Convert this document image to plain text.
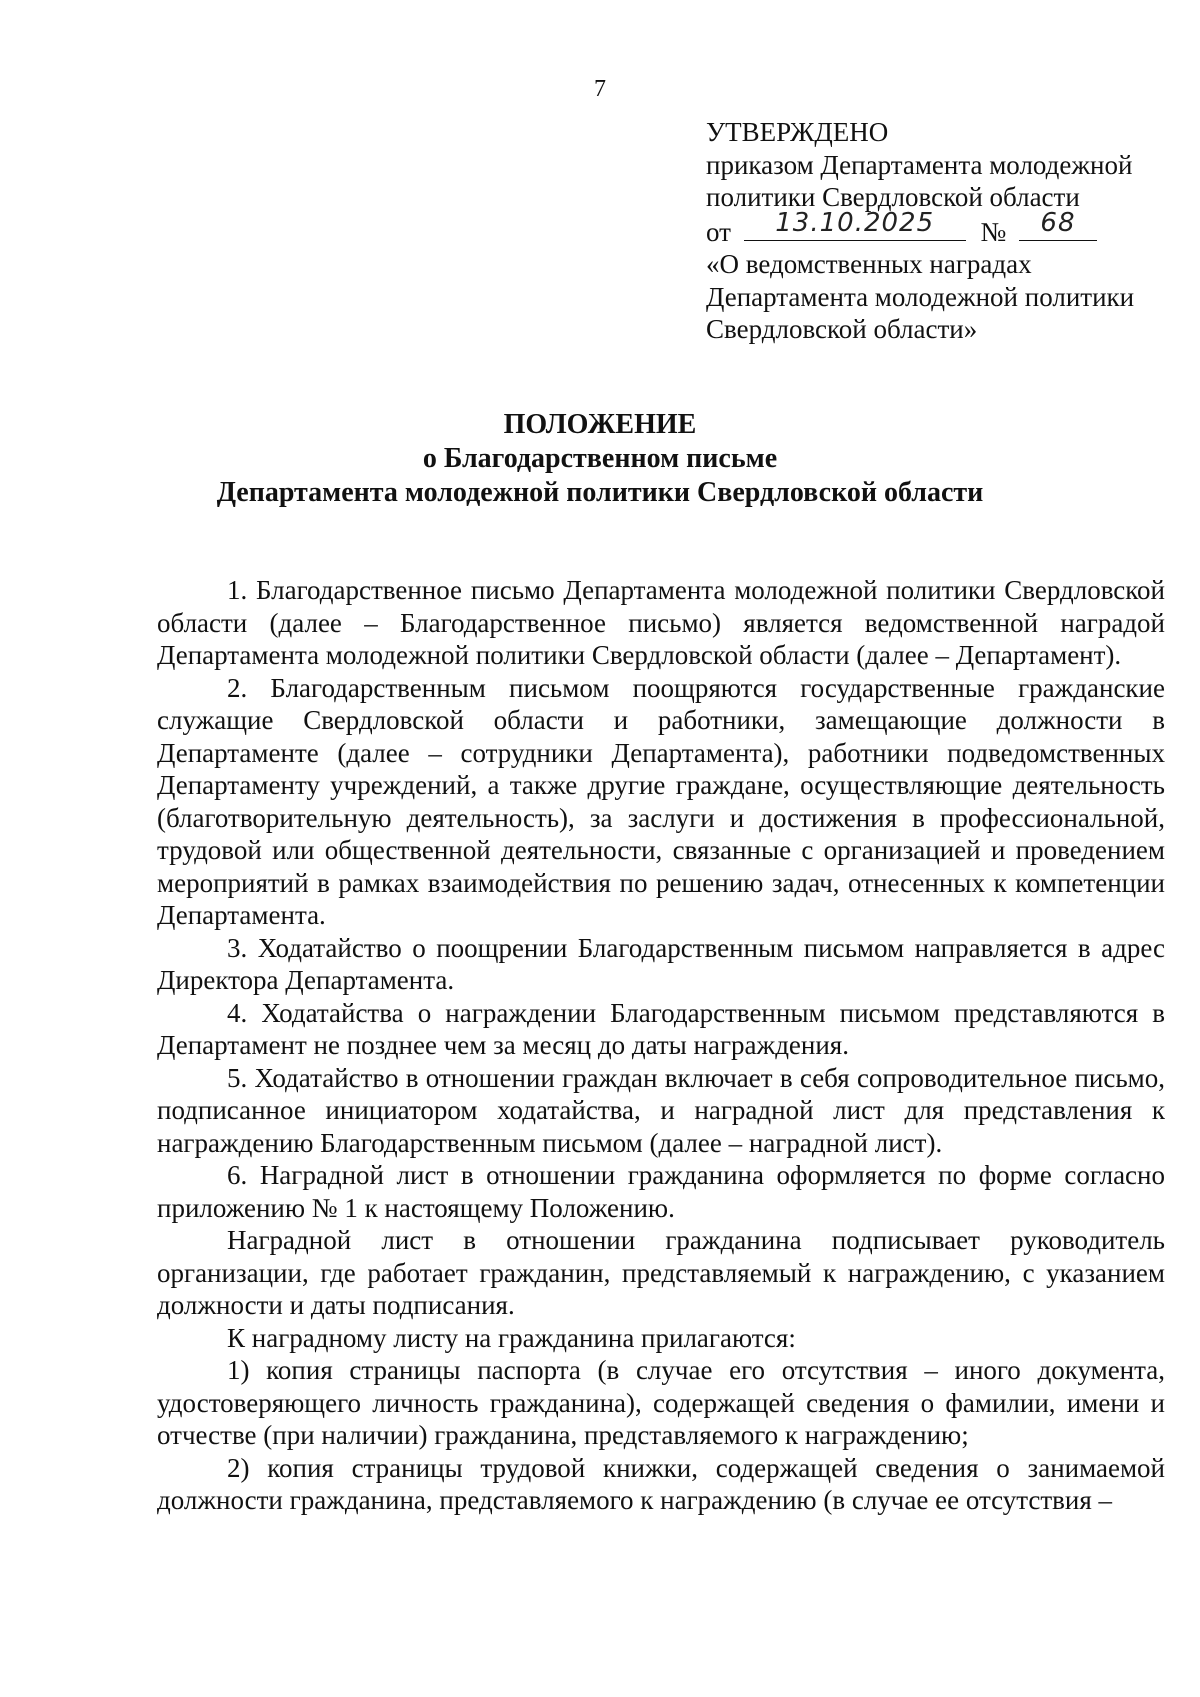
7
УТВЕРЖДЕНО
приказом Департамента молодежной
политики Свердловской области
от	13.10.2025	№	68
«О ведомственных наградах
Департамента молодежной политики
Свердловской области»
ПОЛОЖЕНИЕ
о Благодарственном письме
Департамента молодежной политики Свердловской области

1. Благодарственное письмо Департамента молодежной политики Свердловской области (далее – Благодарственное письмо) является ведомственной наградой Департамента молодежной политики Свердловской области (далее – Департамент).

2. Благодарственным письмом поощряются государственные гражданские служащие Свердловской области и работники, замещающие должности в Департаменте (далее – сотрудники Департамента), работники подведомственных Департаменту учреждений, а также другие граждане, осуществляющие деятельность (благотворительную деятельность), за заслуги и достижения в профессиональной, трудовой или общественной деятельности, связанные с организацией и проведением мероприятий в рамках взаимодействия по решению задач, отнесенных к компетенции Департамента.

3. Ходатайство о поощрении Благодарственным письмом направляется в адрес Директора Департамента.

4. Ходатайства о награждении Благодарственным письмом представляются в Департамент не позднее чем за месяц до даты награждения.

5. Ходатайство в отношении граждан включает в себя сопроводительное письмо, подписанное инициатором ходатайства, и наградной лист для представления к награждению Благодарственным письмом (далее – наградной лист).

6. Наградной лист в отношении гражданина оформляется по форме согласно приложению № 1 к настоящему Положению.

Наградной лист в отношении гражданина подписывает руководитель организации, где работает гражданин, представляемый к награждению, с указанием должности и даты подписания.

К наградному листу на гражданина прилагаются:

1) копия страницы паспорта (в случае его отсутствия – иного документа, удостоверяющего личность гражданина), содержащей сведения о фамилии, имени и отчестве (при наличии) гражданина, представляемого к награждению;

2) копия страницы трудовой книжки, содержащей сведения о занимаемой должности гражданина, представляемого к награждению (в случае ее отсутствия –
